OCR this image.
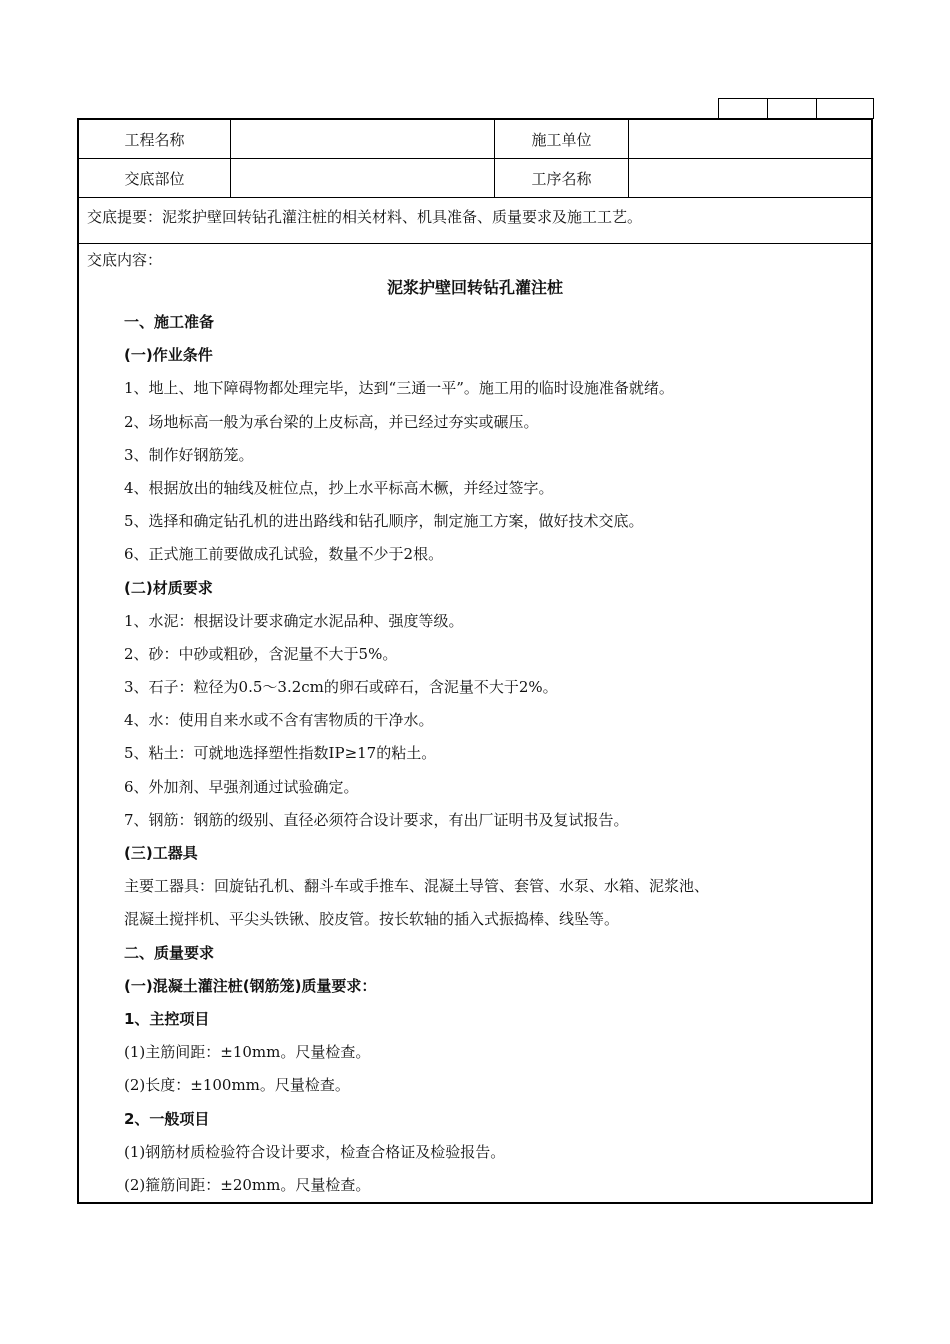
工程名称	施工单位
交底部位	工序名称
交底提要：泥浆护壁回转钻孔灌注桩的相关材料、机具准备、质量要求及施工工艺。
交底内容：
泥浆护壁回转钻孔灌注桩
一、施工准备
(一)作业条件
1、地上、地下障碍物都处理完毕，达到“三通一平”。施工用的临时设施准备就绪。
2、场地标高一般为承台梁的上皮标高，并已经过夯实或碾压。
3、制作好钢筋笼。
4、根据放出的轴线及桩位点，抄上水平标高木橛，并经过签字。
5、选择和确定钻孔机的进出路线和钻孔顺序，制定施工方案，做好技术交底。
6、正式施工前要做成孔试验，数量不少于2根。
(二)材质要求
1、水泥：根据设计要求确定水泥品种、强度等级。
2、砂：中砂或粗砂，含泥量不大于5%。
3、石子：粒径为0.5～3.2cm的卵石或碎石，含泥量不大于2%。
4、水：使用自来水或不含有害物质的干净水。
5、粘土：可就地选择塑性指数IP≥17的粘土。
6、外加剂、早强剂通过试验确定。
7、钢筋：钢筋的级别、直径必须符合设计要求，有出厂证明书及复试报告。
(三)工器具
主要工器具：回旋钻孔机、翻斗车或手推车、混凝土导管、套管、水泵、水箱、泥浆池、
混凝土搅拌机、平尖头铁锹、胶皮管。按长软轴的插入式振捣棒、线坠等。
二、质量要求
(一)混凝土灌注桩(钢筋笼)质量要求：
1、主控项目
(1)主筋间距：±10mm。尺量检查。
(2)长度：±100mm。尺量检查。
2、一般项目
(1)钢筋材质检验符合设计要求，检查合格证及检验报告。
(2)箍筋间距：±20mm。尺量检查。
